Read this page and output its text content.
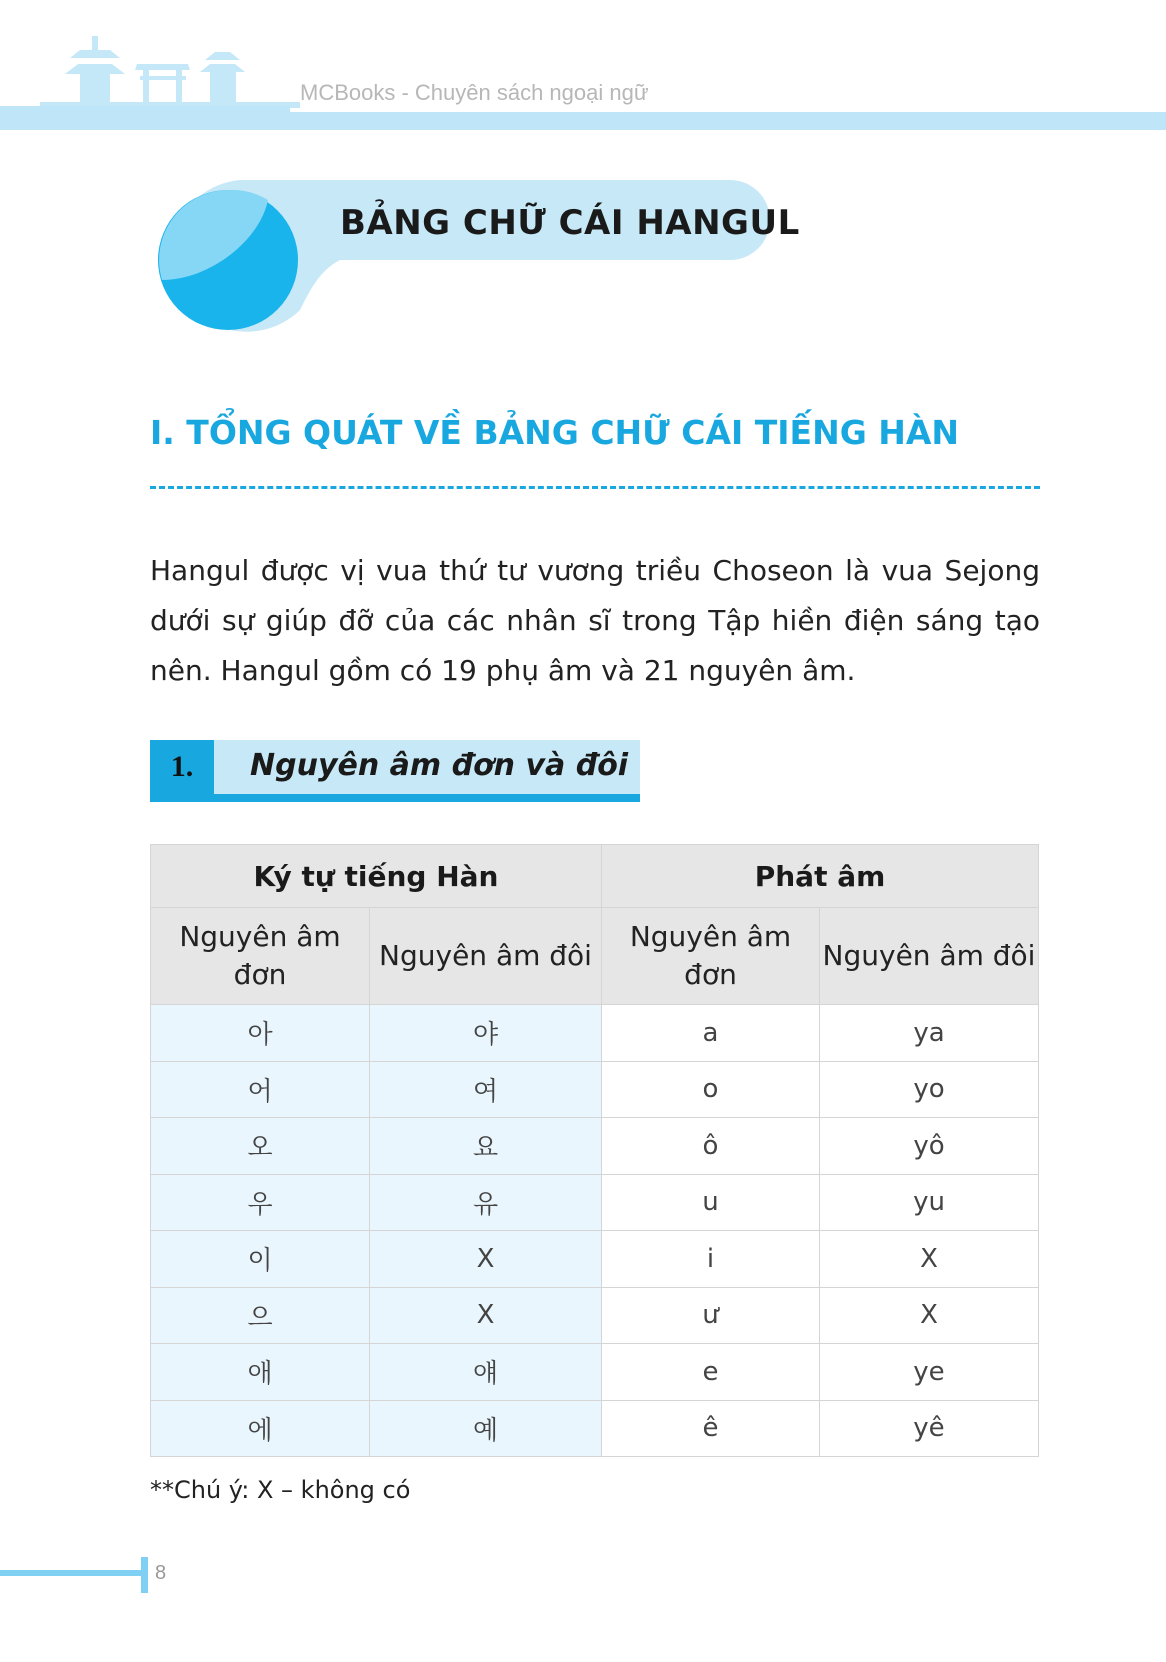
MCBooks - Chuyên sách ngoại ngữ
BẢNG CHỮ CÁI HANGUL
I. TỔNG QUÁT VỀ BẢNG CHỮ CÁI TIẾNG HÀN
Hangul được vị vua thứ tư vương triều Choseon là vua Sejong dưới sự giúp đỡ của các nhân sĩ trong Tập hiền điện sáng tạo nên. Hangul gồm có 19 phụ âm và 21 nguyên âm.
1.	Nguyên âm đơn và đôi
Ký tự tiếng Hàn		Phát âm	
Nguyên âm đơn	Nguyên âm đôi	Nguyên âm đơn	Nguyên âm đôi
아	야	a	ya
어	여	o	yo
오	요	ô	yô
우	유	u	yu
이	X	i	X
으	X	ư	X
애	얘	e	ye
에	예	ê	yê
**Chú ý: X – không có
8
